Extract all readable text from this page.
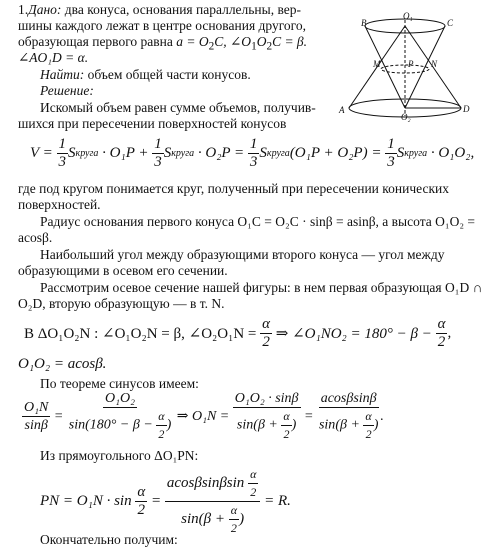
O₁
M	N
P
A	D
B	C
O₂
1.Дано: два конуса, основания параллельны, вер-
шины каждого лежат в центре основания другого,
образующая первого равна $a = O_2C$, $\angle O_1O_2C = \beta$.
∠AO₁D = α.
Найти: объем общей части конусов.
Решение:
Искомый объем равен сумме объемов, получив-
шихся при пересечении поверхностей конусов
V =
$\frac{1}{3}$ S круга
· O₁P +
$\frac{1}{3}$ S круга
· O₂P =
$\frac{1}{3}$ S круга (O₁P + O₂P) =
$\frac{1}{3}$ S круга
· O₁O₂,
где под кругом понимается круг, полученный при пересечении конических
поверхностей.
Радиус основания первого конуса O₁C = O₂C · sinβ = asinβ, а высота O₁O₂ =
acosβ.
Наибольший угол между образующими второго конуса — угол между
образующими в осевом его сечении.
Рассмотрим осевое сечение нашей фигуры: в нем первая образующая O₁D ∩
O₂D, вторую образующую — в т. N.
В ΔO₁O₂N : ∠O₁O₂N = β, ∠O₂O₁N =
$\frac{\alpha}{2}$
⇒ ∠O₁NO₂ = 180° − β −
$\frac{\alpha}{2}$ ,
O₁O₂ = acosβ.
По теореме синусов имеем:
$\frac{\text{O₁N}}{\sin\beta}$
=
$\frac{\text{O₁O₂}}{\sin(180^\circ - \beta - \frac{\alpha}{2} )}$
⇒ O₁N =
$\frac{\text{O₁O₂ · sinβ}}{\sin(\beta + \frac{\alpha}{2} )}$
=
$\frac{acos\beta\sin\beta}{\sin(\beta + \frac{\alpha}{2} )}$ .
Из прямоугольного ΔO₁PN:
PN = O₁N · sin
$\frac{\alpha}{2}$
=
$\frac{acos\beta\sin\beta\sin \frac{\alpha}{2}}{\sin(\beta + \frac{\alpha}{2} )}$
= R.
Окончательно получим:
